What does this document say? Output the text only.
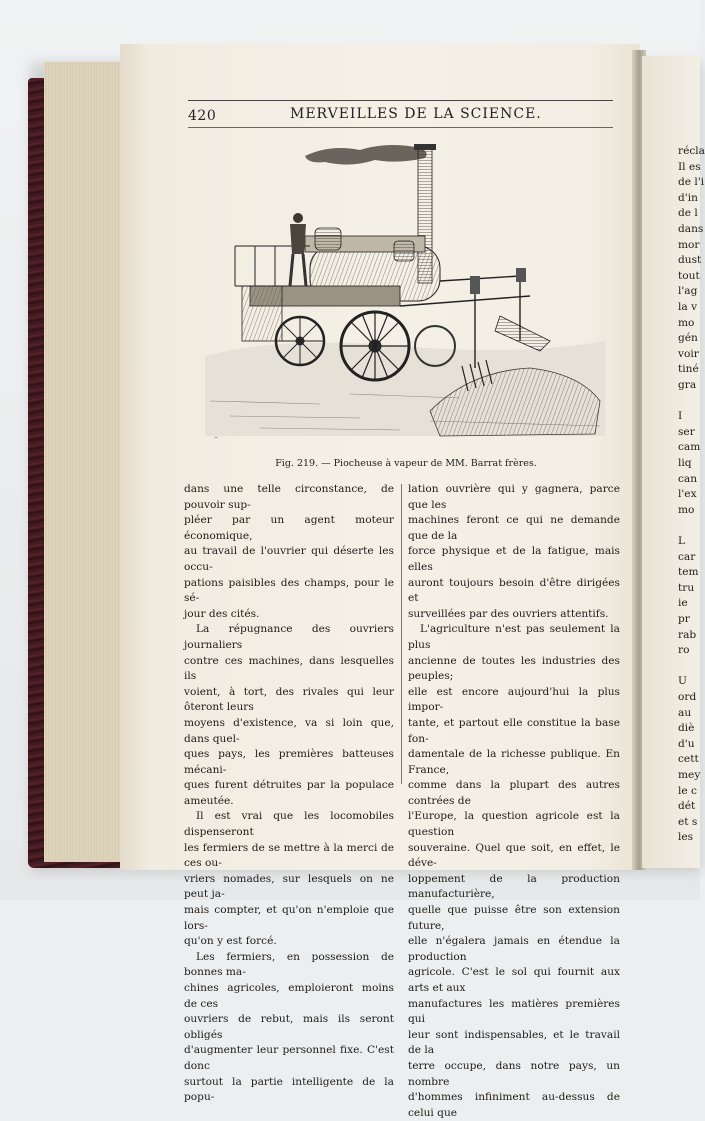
récla
Il es
de l'i
d'in
de l
dans
mor
dust
tout
l'ag
la v
mo
gén
voir
tiné
gra
I
ser
cam
liq
can
l'ex
mo
L
car
tem
tru
ie
pr
rab
ro
U
ord
au
diè
d'u
cett
mey
le c
dét
et s
les
420	MERVEILLES DE LA SCIENCE.
~
Fig. 219. — Piocheuse à vapeur de MM. Barrat frères.

dans une telle circonstance, de pouvoir sup-

pléer par un agent moteur économique,

au travail de l'ouvrier qui déserte les occu-

pations paisibles des champs, pour le sé-

jour des cités.

La répugnance des ouvriers journaliers

contre ces machines, dans lesquelles ils

voient, à tort, des rivales qui leur ôteront leurs

moyens d'existence, va si loin que, dans quel-

ques pays, les premières batteuses mécani-

ques furent détruites par la populace ameutée.

Il est vrai que les locomobiles dispenseront

les fermiers de se mettre à la merci de ces ou-

vriers nomades, sur lesquels on ne peut ja-

mais compter, et qu'on n'emploie que lors-

qu'on y est forcé.

Les fermiers, en possession de bonnes ma-

chines agricoles, emploieront moins de ces

ouvriers de rebut, mais ils seront obligés

d'augmenter leur personnel fixe. C'est donc

surtout la partie intelligente de la popu-

lation ouvrière qui y gagnera, parce que les

machines feront ce qui ne demande que de la

force physique et de la fatigue, mais elles

auront toujours besoin d'être dirigées et

surveillées par des ouvriers attentifs.

L'agriculture n'est pas seulement la plus

ancienne de toutes les industries des peuples;

elle est encore aujourd'hui la plus impor-

tante, et partout elle constitue la base fon-

damentale de la richesse publique. En France,

comme dans la plupart des autres contrées de

l'Europe, la question agricole est la question

souveraine. Quel que soit, en effet, le déve-

loppement de la production manufacturière,

quelle que puisse être son extension future,

elle n'égalera jamais en étendue la production

agricole. C'est le sol qui fournit aux arts et aux

manufactures les matières premières qui

leur sont indispensables, et le travail de la

terre occupe, dans notre pays, un nombre

d'hommes infiniment au-dessus de celui que
